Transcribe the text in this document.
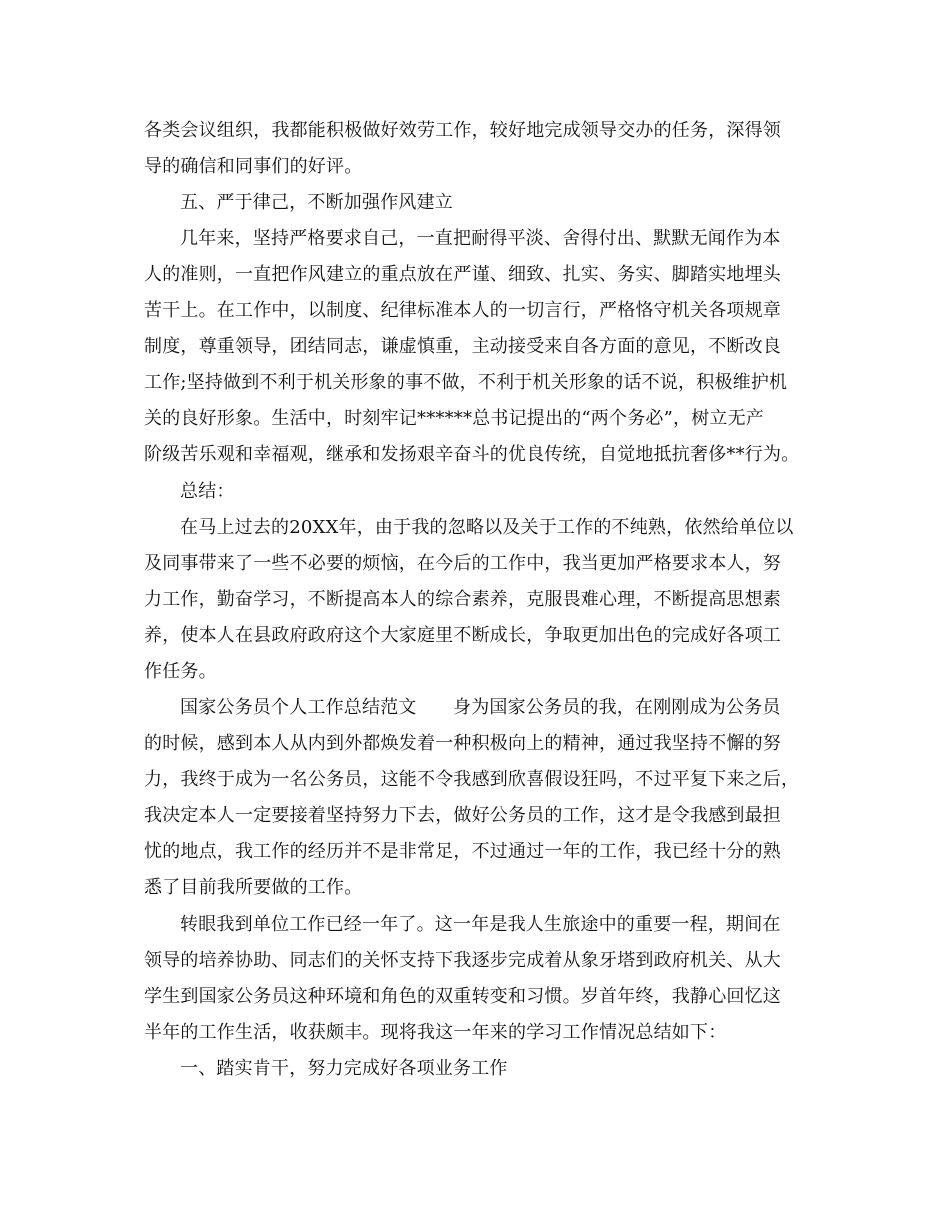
各类会议组织，我都能积极做好效劳工作，较好地完成领导交办的任务，深得领
导的确信和同事们的好评。
五、严于律己，不断加强作风建立
几年来，坚持严格要求自己，一直把耐得平淡、舍得付出、默默无闻作为本
人的准则，一直把作风建立的重点放在严谨、细致、扎实、务实、脚踏实地埋头
苦干上。在工作中，以制度、纪律标准本人的一切言行，严格恪守机关各项规章
制度，尊重领导，团结同志，谦虚慎重，主动接受来自各方面的意见，不断改良
工作;坚持做到不利于机关形象的事不做，不利于机关形象的话不说，积极维护机
关的良好形象。生活中，时刻牢记******总书记提出的“两个务必”，树立无产
阶级苦乐观和幸福观，继承和发扬艰辛奋斗的优良传统，自觉地抵抗奢侈**行为。
总结：
在马上过去的20XX年，由于我的忽略以及关于工作的不纯熟，依然给单位以
及同事带来了一些不必要的烦恼，在今后的工作中，我当更加严格要求本人，努
力工作，勤奋学习，不断提高本人的综合素养，克服畏难心理，不断提高思想素
养，使本人在县政府政府这个大家庭里不断成长，争取更加出色的完成好各项工
作任务。
国家公务员个人工作总结范文　　身为国家公务员的我，在刚刚成为公务员
的时候，感到本人从内到外都焕发着一种积极向上的精神，通过我坚持不懈的努
力，我终于成为一名公务员，这能不令我感到欣喜假设狂吗，不过平复下来之后，
我决定本人一定要接着坚持努力下去，做好公务员的工作，这才是令我感到最担
忧的地点，我工作的经历并不是非常足，不过通过一年的工作，我已经十分的熟
悉了目前我所要做的工作。
转眼我到单位工作已经一年了。这一年是我人生旅途中的重要一程，期间在
领导的培养协助、同志们的关怀支持下我逐步完成着从象牙塔到政府机关、从大
学生到国家公务员这种环境和角色的双重转变和习惯。岁首年终，我静心回忆这
半年的工作生活，收获颇丰。现将我这一年来的学习工作情况总结如下：
一、踏实肯干，努力完成好各项业务工作
